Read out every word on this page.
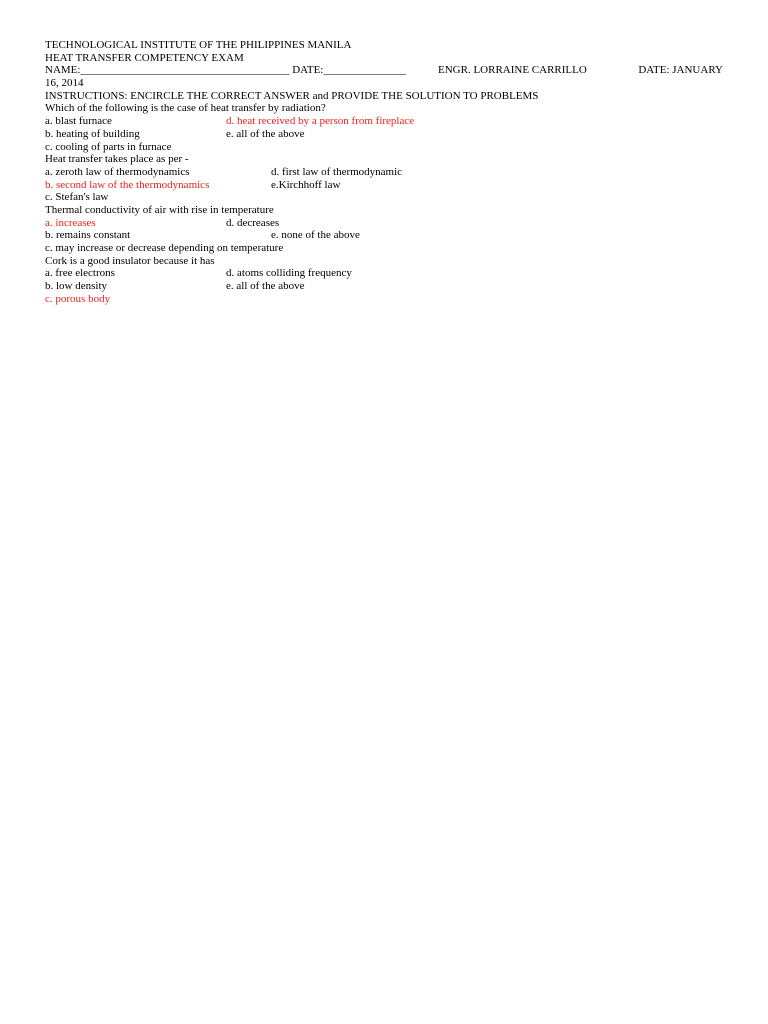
TECHNOLOGICAL INSTITUTE OF THE PHILIPPINES MANILA
HEAT TRANSFER COMPETENCY EXAM
NAME:______________________________________ DATE:_______________	ENGR. LORRAINE CARRILLO	DATE: JANUARY
16, 2014
INSTRUCTIONS: ENCIRCLE THE CORRECT ANSWER and PROVIDE THE SOLUTION TO PROBLEMS
Which of the following is the case of heat transfer by radiation?
a. blast furnace	d. heat received by a person from fireplace
b. heating of building	e. all of the above
c. cooling of parts in furnace
Heat transfer takes place as per -
a. zeroth law of thermodynamics	d. first law of thermodynamic
b. second law of the thermodynamics	e.Kirchhoff law
c. Stefan's law
Thermal conductivity of air with rise in temperature
a. increases	d. decreases
b. remains constant	e. none of the above
c. may increase or decrease depending on temperature
Cork is a good insulator because it has
a. free electrons	d. atoms colliding frequency
b. low density	e. all of the above
c. porous body
